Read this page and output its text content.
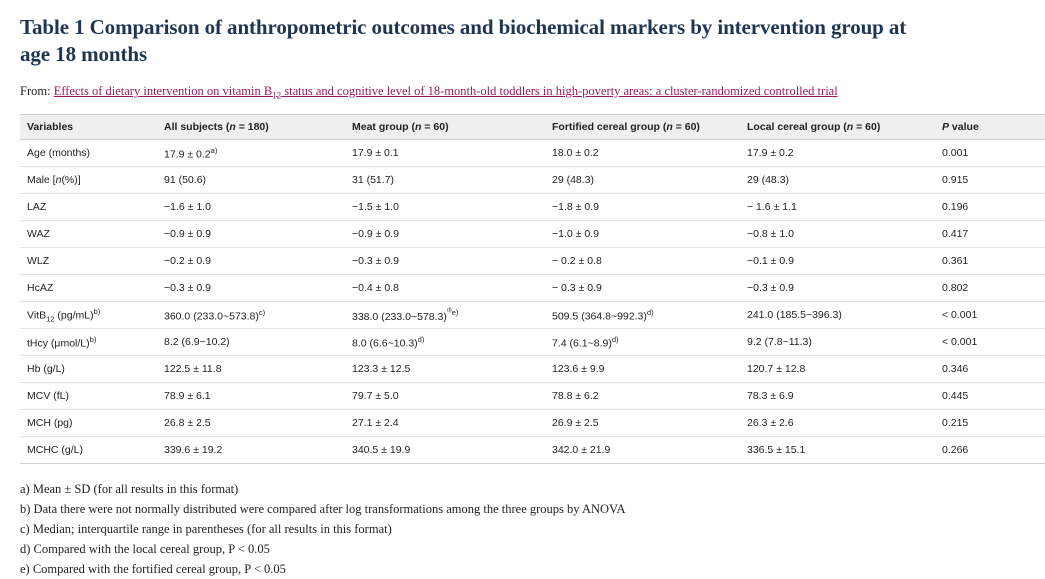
Table 1 Comparison of anthropometric outcomes and biochemical markers by intervention group at age 18 months
From: Effects of dietary intervention on vitamin $B_{12}$ status and cognitive level of 18-month-old toddlers in high-poverty areas: a cluster-randomized controlled trial
Variables	All subjects (n = 180)	Meat group (n = 60)	Fortified cereal group (n = 60)	Local cereal group (n = 60)	P value
Age (months)	$17.9 \pm 0.2^{a)}$	17.9 ± 0.1	18.0 ± 0.2	17.9 ± 0.2	0.001
Male [n(%)]	91 (50.6)	31 (51.7)	29 (48.3)	29 (48.3)	0.915
LAZ	−1.6 ± 1.0	−1.5 ± 1.0	−1.8 ± 0.9	− 1.6 ± 1.1	0.196
WAZ	−0.9 ± 0.9	−0.9 ± 0.9	−1.0 ± 0.9	−0.8 ± 1.0	0.417
WLZ	−0.2 ± 0.9	−0.3 ± 0.9	− 0.2 ± 0.8	−0.1 ± 0.9	0.361
HcAZ	−0.3 ± 0.9	−0.4 ± 0.8	− 0.3 ± 0.9	−0.3 ± 0.9	0.802
VitB$_{12}$ $(pg/mL)^{b)}$	360.0 (233.0~573.8)$^{c)}$	338.0 (233.0~578.3)$^{^{d)}e)}$	509.5 (364.8~992.3)$^{d)}$	241.0 (185.5~396.3)	< 0.001
tHcy $(\mu mol/L)^{b)}$	8.2 (6.9~10.2)	8.0 (6.6~10.3)$^{d)}$	7.4 (6.1~8.9)$^{d)}$	9.2 (7.8~11.3)	< 0.001
Hb (g/L)	122.5 ± 11.8	123.3 ± 12.5	123.6 ± 9.9	120.7 ± 12.8	0.346
MCV (fL)	78.9 ± 6.1	79.7 ± 5.0	78.8 ± 6.2	78.3 ± 6.9	0.445
MCH (pg)	26.8 ± 2.5	27.1 ± 2.4	26.9 ± 2.5	26.3 ± 2.6	0.215
MCHC (g/L)	339.6 ± 19.2	340.5 ± 19.9	342.0 ± 21.9	336.5 ± 15.1	0.266
a) Mean ± SD (for all results in this format)
b) Data there were not normally distributed were compared after log transformations among the three groups by ANOVA
c) Median; interquartile range in parentheses (for all results in this format)
d) Compared with the local cereal group, P < 0.05
e) Compared with the fortified cereal group, P < 0.05
